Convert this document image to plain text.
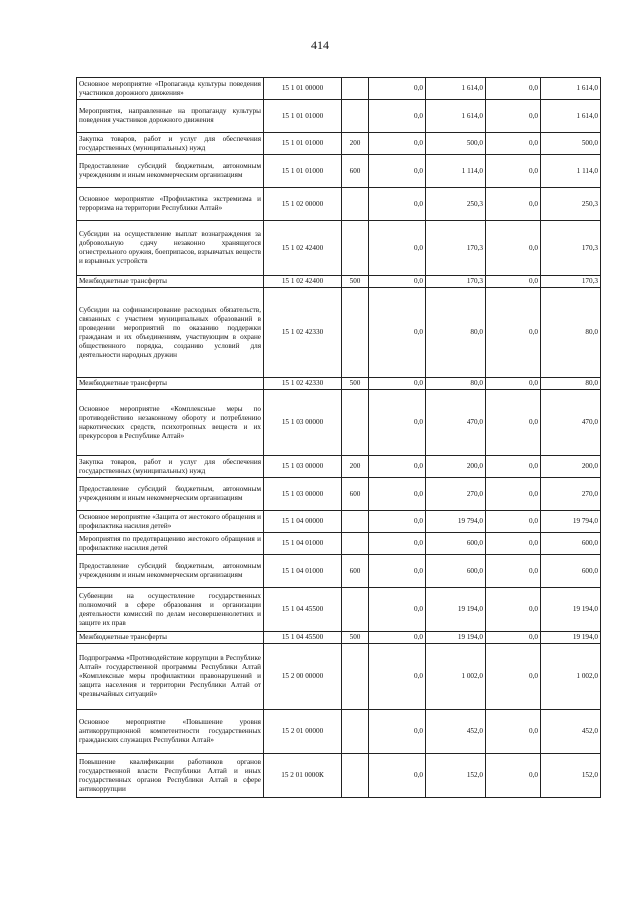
414
Основное мероприятие «Пропаганда культуры поведения участников дорожного движения»	15 1 01 00000		0,0	1 614,0	0,0	1 614,0
Мероприятия, направленные на пропаганду культуры поведения участников дорожного движения	15 1 01 01000		0,0	1 614,0	0,0	1 614,0
Закупка товаров, работ и услуг для обеспечения государственных (муниципальных) нужд	15 1 01 01000	200	0,0	500,0	0,0	500,0
Предоставление субсидий бюджетным, автономным учреждениям и иным некоммерческим организациям	15 1 01 01000	600	0,0	1 114,0	0,0	1 114,0
Основное мероприятие «Профилактика экстремизма и терроризма на территории Республики Алтай»	15 1 02 00000		0,0	250,3	0,0	250,3
Субсидии на осуществление выплат вознаграждения за добровольную сдачу незаконно хранящегося огнестрельного оружия, боеприпасов, взрывчатых веществ и взрывных устройств	15 1 02 42400		0,0	170,3	0,0	170,3
Межбюджетные трансферты	15 1 02 42400	500	0,0	170,3	0,0	170,3
Субсидии на софинансирование расходных обязательств, связанных с участием муниципальных образований в проведении мероприятий по оказанию поддержки гражданам и их объединениям, участвующим в охране общественного порядка, созданию условий для деятельности народных дружин	15 1 02 42330		0,0	80,0	0,0	80,0
Межбюджетные трансферты	15 1 02 42330	500	0,0	80,0	0,0	80,0
Основное мероприятие «Комплексные меры по противодействию незаконному обороту и потреблению наркотических средств, психотропных веществ и их прекурсоров в Республике Алтай»	15 1 03 00000		0,0	470,0	0,0	470,0
Закупка товаров, работ и услуг для обеспечения государственных (муниципальных) нужд	15 1 03 00000	200	0,0	200,0	0,0	200,0
Предоставление субсидий бюджетным, автономным учреждениям и иным некоммерческим организациям	15 1 03 00000	600	0,0	270,0	0,0	270,0
Основное мероприятие «Защита от жестокого обращения и профилактика насилия детей»	15 1 04 00000		0,0	19 794,0	0,0	19 794,0
Мероприятия по предотвращению жестокого обращения и профилактике насилия детей	15 1 04 01000		0,0	600,0	0,0	600,0
Предоставление субсидий бюджетным, автономным учреждениям и иным некоммерческим организациям	15 1 04 01000	600	0,0	600,0	0,0	600,0
Субвенции на осуществление государственных полномочий в сфере образования и организации деятельности комиссий по делам несовершеннолетних и защите их прав	15 1 04 45500		0,0	19 194,0	0,0	19 194,0
Межбюджетные трансферты	15 1 04 45500	500	0,0	19 194,0	0,0	19 194,0
Подпрограмма «Противодействие коррупции в Республике Алтай» государственной программы Республики Алтай «Комплексные меры профилактики правонарушений и защита населения и территории Республики Алтай от чрезвычайных ситуаций»	15 2 00 00000		0,0	1 002,0	0,0	1 002,0
Основное мероприятие «Повышение уровня антикоррупционной компетентности государственных гражданских служащих Республики Алтай»	15 2 01 00000		0,0	452,0	0,0	452,0
Повышение квалификации работников органов государственной власти Республики Алтай и иных государственных органов Республики Алтай в сфере антикоррупции	15 2 01 0000К		0,0	152,0	0,0	152,0
